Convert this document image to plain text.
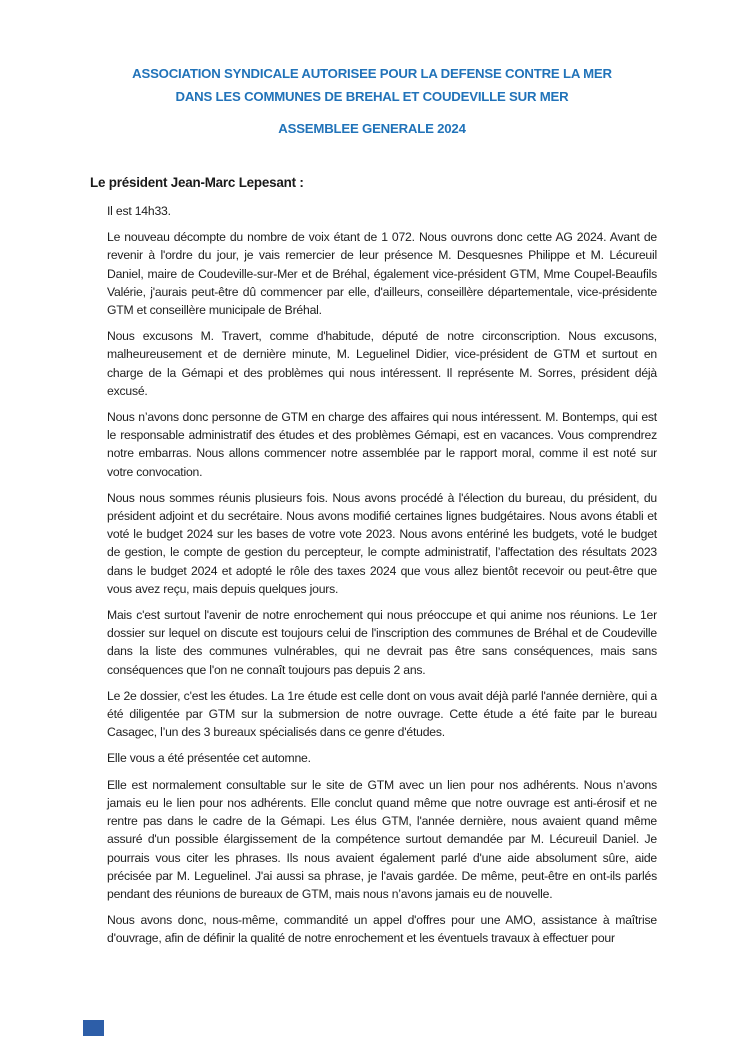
ASSOCIATION SYNDICALE AUTORISEE POUR LA DEFENSE CONTRE LA MER
DANS LES COMMUNES DE BREHAL ET COUDEVILLE SUR MER
ASSEMBLEE GENERALE 2024

Le président Jean-Marc Lepesant :

Il est 14h33.

Le nouveau décompte du nombre de voix étant de 1 072. Nous ouvrons donc cette AG 2024. Avant de revenir à l'ordre du jour, je vais remercier de leur présence M. Desquesnes Philippe et M. Lécureuil Daniel, maire de Coudeville-sur-Mer et de Bréhal, également vice-président GTM, Mme Coupel-Beaufils Valérie, j'aurais peut-être dû commencer par elle, d'ailleurs, conseillère départementale, vice-présidente GTM et conseillère municipale de Bréhal.

Nous excusons M. Travert, comme d'habitude, député de notre circonscription. Nous excusons, malheureusement et de dernière minute, M. Leguelinel Didier, vice-président de GTM et surtout en charge de la Gémapi et des problèmes qui nous intéressent. Il représente M. Sorres, président déjà excusé.

Nous n’avons donc personne de GTM en charge des affaires qui nous intéressent. M. Bontemps, qui est le responsable administratif des études et des problèmes Gémapi, est en vacances. Vous comprendrez notre embarras. Nous allons commencer notre assemblée par le rapport moral, comme il est noté sur votre convocation.

Nous nous sommes réunis plusieurs fois. Nous avons procédé à l'élection du bureau, du président, du président adjoint et du secrétaire. Nous avons modifié certaines lignes budgétaires. Nous avons établi et voté le budget 2024 sur les bases de votre vote 2023. Nous avons entériné les budgets, voté le budget de gestion, le compte de gestion du percepteur, le compte administratif, l’affectation des résultats 2023 dans le budget 2024 et adopté le rôle des taxes 2024 que vous allez bientôt recevoir ou peut-être que vous avez reçu, mais depuis quelques jours.

Mais c'est surtout l'avenir de notre enrochement qui nous préoccupe et qui anime nos réunions. Le 1er dossier sur lequel on discute est toujours celui de l'inscription des communes de Bréhal et de Coudeville dans la liste des communes vulnérables, qui ne devrait pas être sans conséquences, mais sans conséquences que l'on ne connaît toujours pas depuis 2 ans.

Le 2e dossier, c'est les études. La 1re étude est celle dont on vous avait déjà parlé l'année dernière, qui a été diligentée par GTM sur la submersion de notre ouvrage. Cette étude a été faite par le bureau Casagec, l’un des 3 bureaux spécialisés dans ce genre d'études.

Elle vous a été présentée cet automne.

Elle est normalement consultable sur le site de GTM avec un lien pour nos adhérents. Nous n’avons jamais eu le lien pour nos adhérents. Elle conclut quand même que notre ouvrage est anti-érosif et ne rentre pas dans le cadre de la Gémapi. Les élus GTM, l'année dernière, nous avaient quand même assuré d'un possible élargissement de la compétence surtout demandée par M. Lécureuil Daniel. Je pourrais vous citer les phrases. Ils nous avaient également parlé d'une aide absolument sûre, aide précisée par M. Leguelinel. J'ai aussi sa phrase, je l'avais gardée. De même, peut-être en ont-ils parlés pendant des réunions de bureaux de GTM, mais nous n’avons jamais eu de nouvelle.

Nous avons donc, nous-même, commandité un appel d'offres pour une AMO, assistance à maîtrise d'ouvrage, afin de définir la qualité de notre enrochement et les éventuels travaux à effectuer pour
